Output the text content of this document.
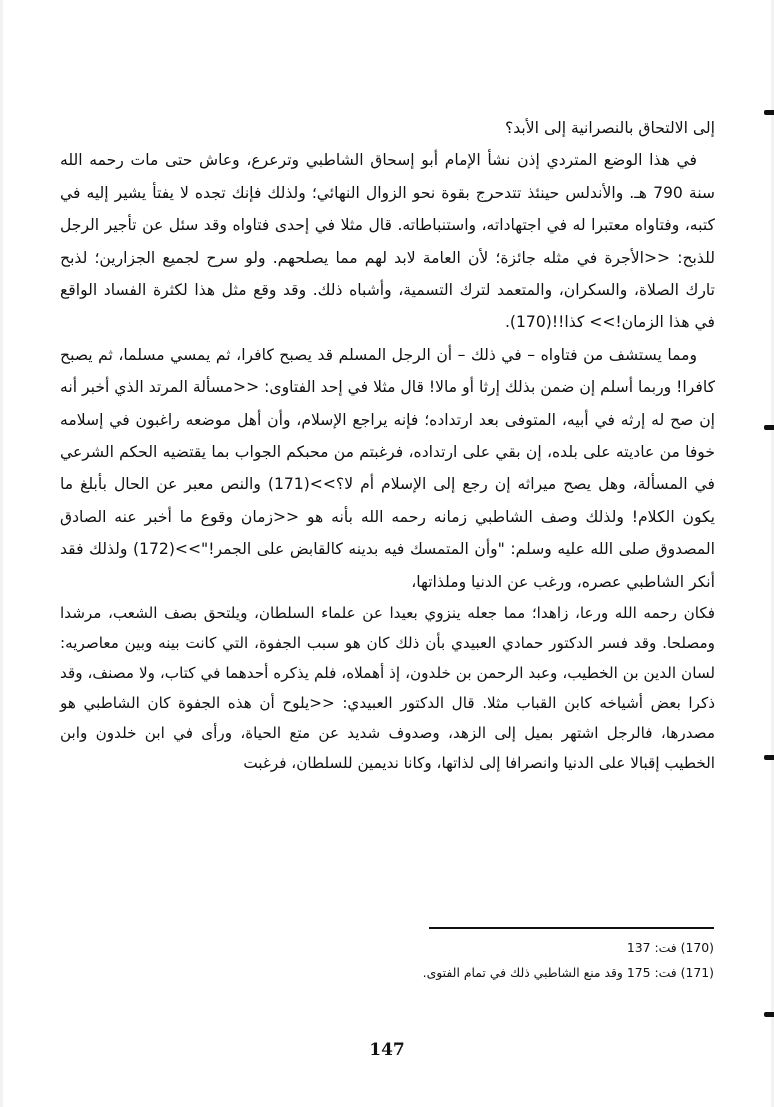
إلى الالتحاق بالنصرانية إلى الأبد؟

في هذا الوضع المتردي إذن نشأ الإمام أبو إسحاق الشاطبي وترعرع، وعاش حتى مات رحمه الله سنة 790 هـ. والأندلس حينئذ تتدحرج بقوة نحو الزوال النهائي؛ ولذلك فإنك تجده لا يفتأ يشير إليه في كتبه، وفتاواه معتبرا له في اجتهاداته، واستنباطاته. قال مثلا في إحدى فتاواه وقد سئل عن تأجير الرجل للذبح: <<الأجرة في مثله جائزة؛ لأن العامة لابد لهم مما يصلحهم. ولو سرح لجميع الجزارين؛ لذبح تارك الصلاة، والسكران، والمتعمد لترك التسمية، وأشباه ذلك. وقد وقع مثل هذا لكثرة الفساد الواقع في هذا الزمان!>> كذا!!(170).

ومما يستشف من فتاواه – في ذلك – أن الرجل المسلم قد يصبح كافرا، ثم يمسي مسلما، ثم يصبح كافرا! وربما أسلم إن ضمن بذلك إرثا أو مالا! قال مثلا في إحد الفتاوى: <<مسألة المرتد الذي أخبر أنه إن صح له إرثه في أبيه، المتوفى بعد ارتداده؛ فإنه يراجع الإسلام، وأن أهل موضعه راغبون في إسلامه خوفا من عاديته على بلده، إن بقي على ارتداده، فرغبتم من محبكم الجواب بما يقتضيه الحكم الشرعي في المسألة، وهل يصح ميراثه إن رجع إلى الإسلام أم لا؟>>(171) والنص معبر عن الحال بأبلغ ما يكون الكلام! ولذلك وصف الشاطبي زمانه رحمه الله بأنه هو <<زمان وقوع ما أخبر عنه الصادق المصدوق صلى الله عليه وسلم: "وأن المتمسك فيه بدينه كالقابض على الجمر!">>(172) ولذلك فقد أنكر الشاطبي عصره، ورغب عن الدنيا وملذاتها،

فكان رحمه الله ورعا، زاهدا؛ مما جعله ينزوي بعيدا عن علماء السلطان، ويلتحق بصف الشعب، مرشدا ومصلحا. وقد فسر الدكتور حمادي العبيدي بأن ذلك كان هو سبب الجفوة، التي كانت بينه وبين معاصريه: لسان الدين بن الخطيب، وعبد الرحمن بن خلدون، إذ أهملاه، فلم يذكره أحدهما في كتاب، ولا مصنف، وقد ذكرا بعض أشياخه كابن القباب مثلا. قال الدكتور العبيدي: <<يلوح أن هذه الجفوة كان الشاطبي هو مصدرها، فالرجل اشتهر بميل إلى الزهد، وصدوف شديد عن متع الحياة، ورأى في ابن خلدون وابن الخطيب إقبالا على الدنيا وانصرافا إلى لذاتها، وكانا نديمين للسلطان، فرغبت

(170) فت: 137

(171) فت: 175 وقد منع الشاطبي ذلك في تمام الفتوى.

147
